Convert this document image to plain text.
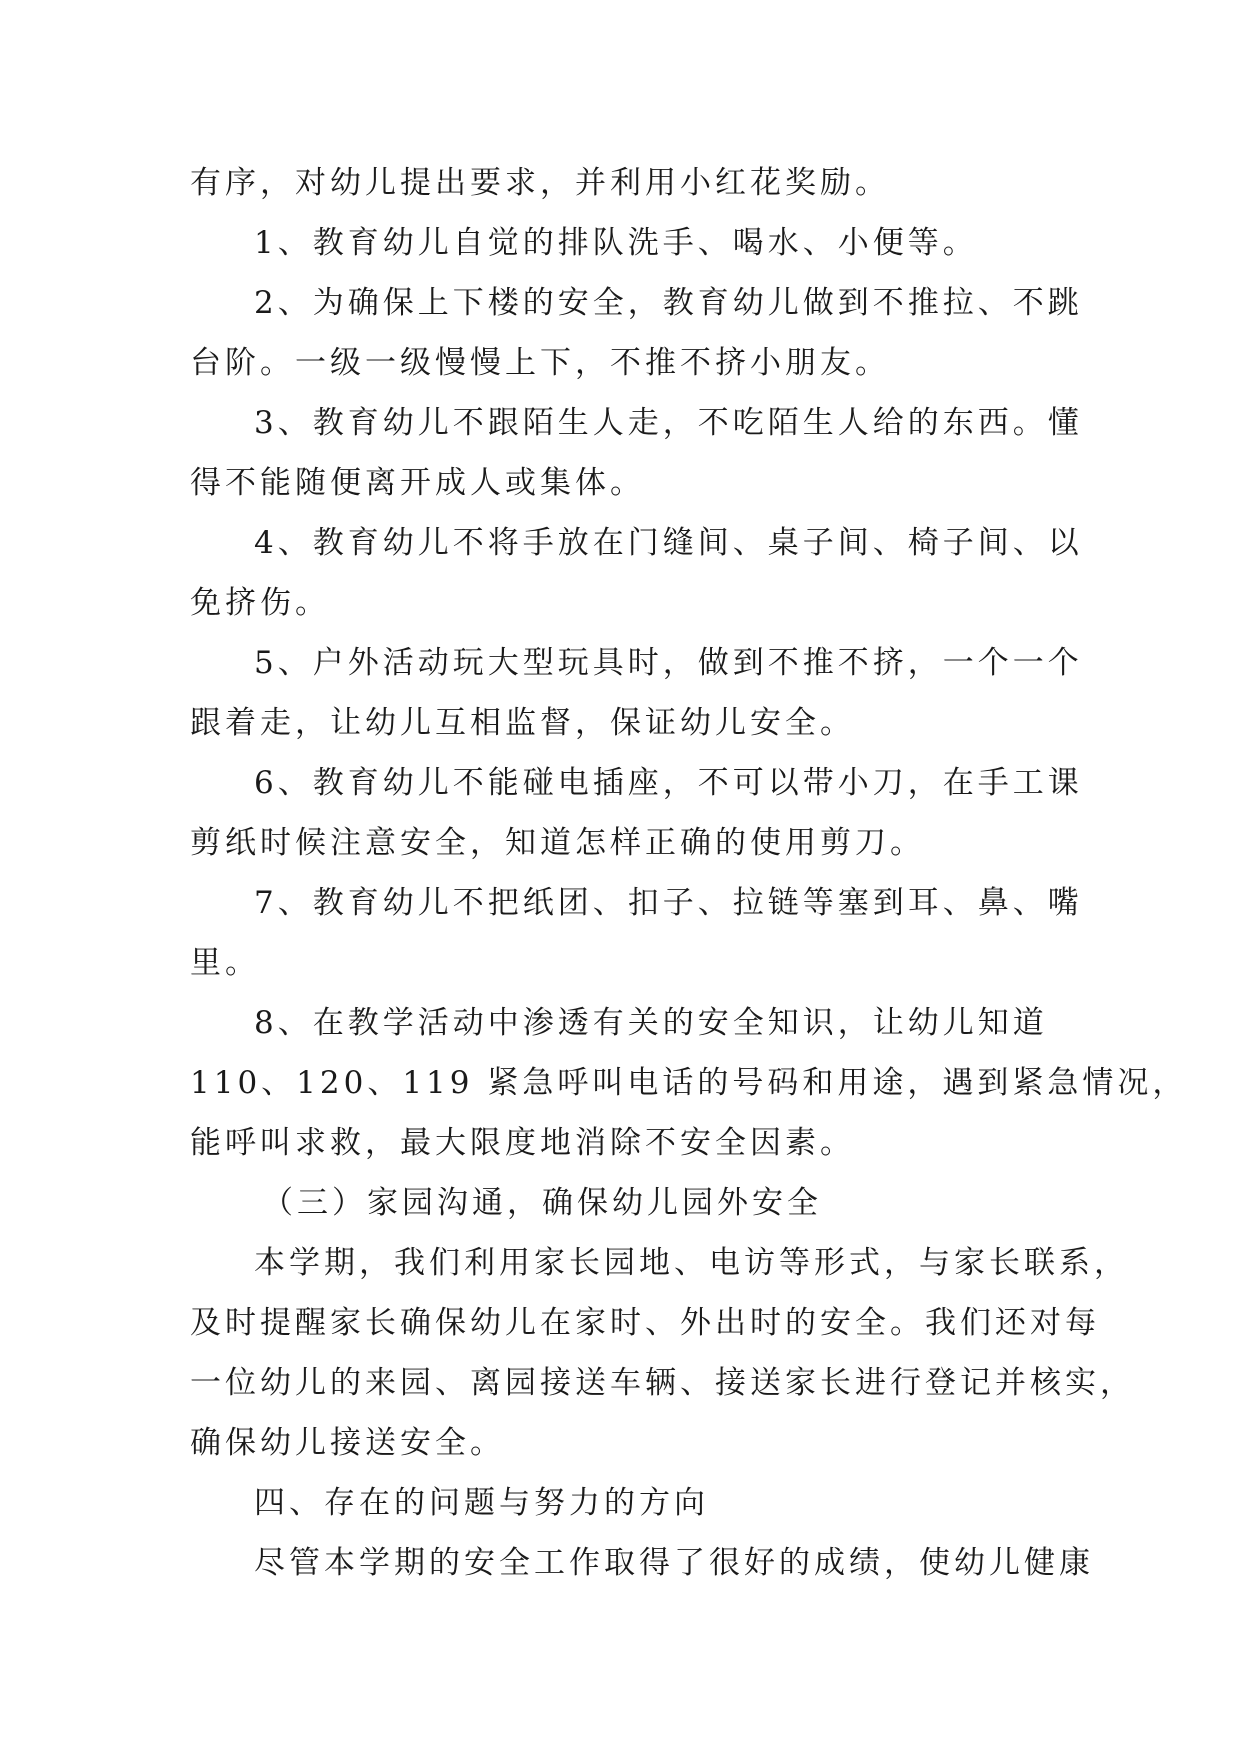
有序，对幼儿提出要求，并利用小红花奖励。
1、教育幼儿自觉的排队洗手、喝水、小便等。
2、为确保上下楼的安全，教育幼儿做到不推拉、不跳
台阶。一级一级慢慢上下，不推不挤小朋友。
3、教育幼儿不跟陌生人走，不吃陌生人给的东西。懂
得不能随便离开成人或集体。
4、教育幼儿不将手放在门缝间、桌子间、椅子间、以
免挤伤。
5、户外活动玩大型玩具时，做到不推不挤，一个一个
跟着走，让幼儿互相监督，保证幼儿安全。
6、教育幼儿不能碰电插座，不可以带小刀，在手工课
剪纸时候注意安全，知道怎样正确的使用剪刀。
7、教育幼儿不把纸团、扣子、拉链等塞到耳、鼻、嘴
里。
8、在教学活动中渗透有关的安全知识，让幼儿知道
110、120、119 紧急呼叫电话的号码和用途，遇到紧急情况，
能呼叫求救，最大限度地消除不安全因素。
（三）家园沟通，确保幼儿园外安全
本学期，我们利用家长园地、电访等形式，与家长联系，
及时提醒家长确保幼儿在家时、外出时的安全。我们还对每
一位幼儿的来园、离园接送车辆、接送家长进行登记并核实，
确保幼儿接送安全。
四、存在的问题与努力的方向
尽管本学期的安全工作取得了很好的成绩，使幼儿健康
